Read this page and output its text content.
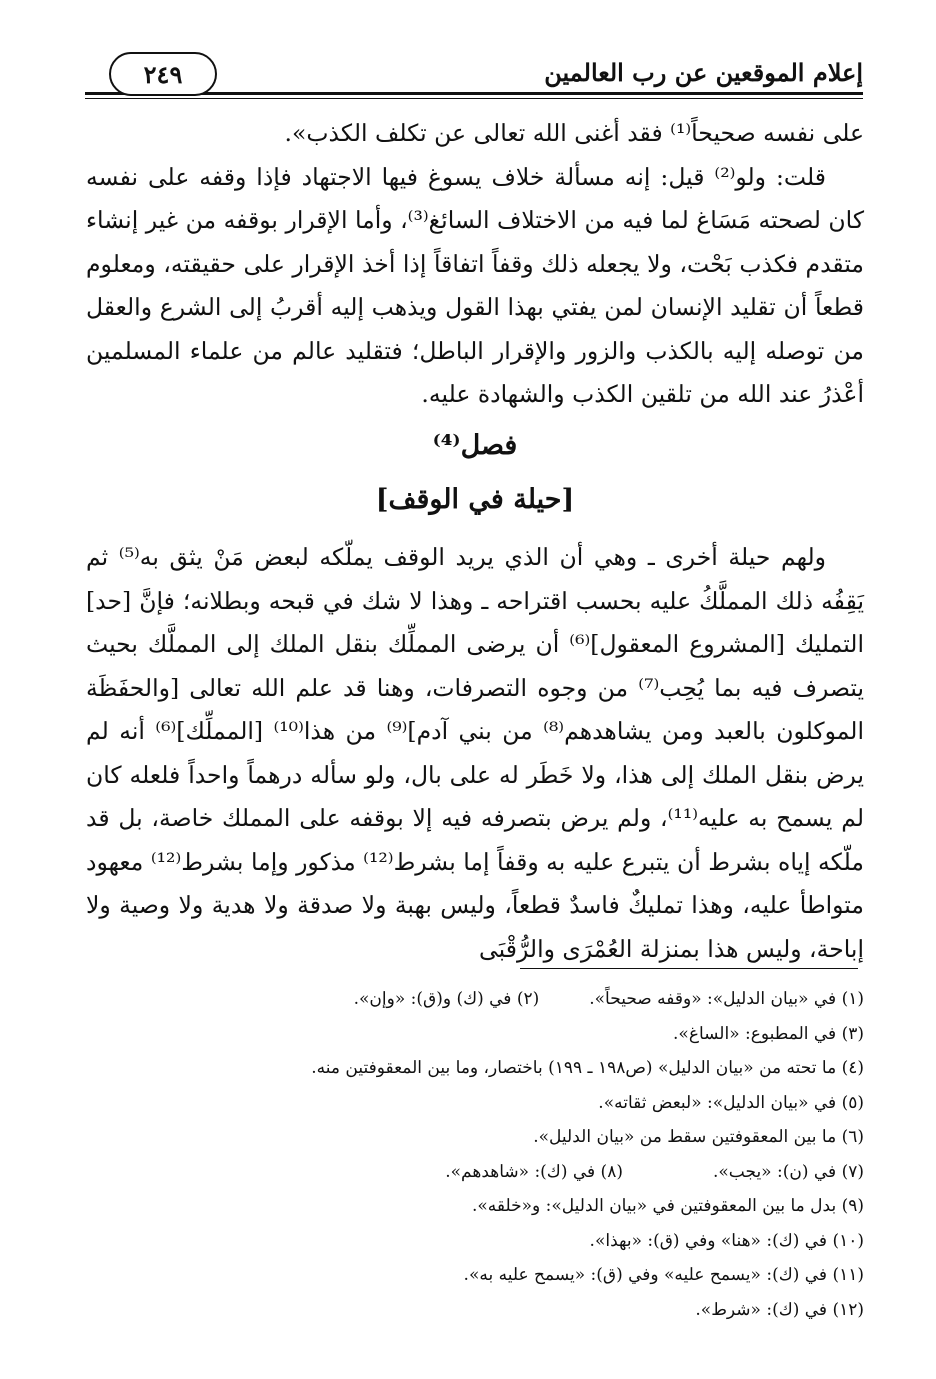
إعلام الموقعين عن رب العالمين
٢٤٩

على نفسه صحيحاً⁽¹⁾ فقد أغنى الله تعالى عن تكلف الكذب».

قلت: ولو⁽²⁾ قيل: إنه مسألة خلاف يسوغ فيها الاجتهاد فإذا وقفه على نفسه كان لصحته مَسَاغ لما فيه من الاختلاف السائغ⁽³⁾، وأما الإقرار بوقفه من غير إنشاء متقدم فكذب بَحْت، ولا يجعله ذلك وقفاً اتفاقاً إذا أخذ الإقرار على حقيقته، ومعلوم قطعاً أن تقليد الإنسان لمن يفتي بهذا القول ويذهب إليه أقربُ إلى الشرع والعقل من توصله إليه بالكذب والزور والإقرار الباطل؛ فتقليد عالم من علماء المسلمين أعْذرُ عند الله من تلقين الكذب والشهادة عليه.

فصل⁽⁴⁾
[حيلة في الوقف]

ولهم حيلة أخرى ـ وهي أن الذي يريد الوقف يملّكه لبعض مَنْ يثق به⁽⁵⁾ ثم يَقِفُه ذلك المملَّكُ عليه بحسب اقتراحه ـ وهذا لا شك في قبحه وبطلانه؛ فإنَّ [حد] التمليك [المشروع المعقول]⁽⁶⁾ أن يرضى المملِّك بنقل الملك إلى المملَّك بحيث يتصرف فيه بما يُحِب⁽⁷⁾ من وجوه التصرفات، وهنا قد علم الله تعالى [والحفَظَة الموكلون بالعبد ومن يشاهدهم⁽⁸⁾ من بني آدم]⁽⁹⁾ من هذا⁽¹⁰⁾ [المملِّك]⁽⁶⁾ أنه لم يرض بنقل الملك إلى هذا، ولا خَطَر له على بال، ولو سأله درهماً واحداً فلعله كان لم يسمح به عليه⁽¹¹⁾، ولم يرض بتصرفه فيه إلا بوقفه على المملك خاصة، بل قد ملّكه إياه بشرط أن يتبرع عليه به وقفاً إما بشرط⁽¹²⁾ مذكور وإما بشرط⁽¹²⁾ معهود متواطأ عليه، وهذا تمليكٌ فاسدٌ قطعاً، وليس بهبة ولا صدقة ولا هدية ولا وصية ولا إباحة، وليس هذا بمنزلة العُمْرَى والرُّقْبَى

(١) في «بيان الدليل»: «وقفه صحيحاً».(٢) في (ك) و(ق): «وإن».
(٣) في المطبوع: «الساغ».
(٤) ما تحته من «بيان الدليل» (ص١٩٨ ـ ١٩٩) باختصار، وما بين المعقوفتين منه.
(٥) في «بيان الدليل»: «لبعض ثقاته».
(٦) ما بين المعقوفتين سقط من «بيان الدليل».
(٧) في (ن): «يجب».(٨) في (ك): «شاهدهم».
(٩) بدل ما بين المعقوفتين في «بيان الدليل»: و«خلقه».
(١٠) في (ك): «هنا» وفي (ق): «بهذا».
(١١) في (ك): «يسمح عليه» وفي (ق): «يسمح عليه به».
(١٢) في (ك): «شرط».
